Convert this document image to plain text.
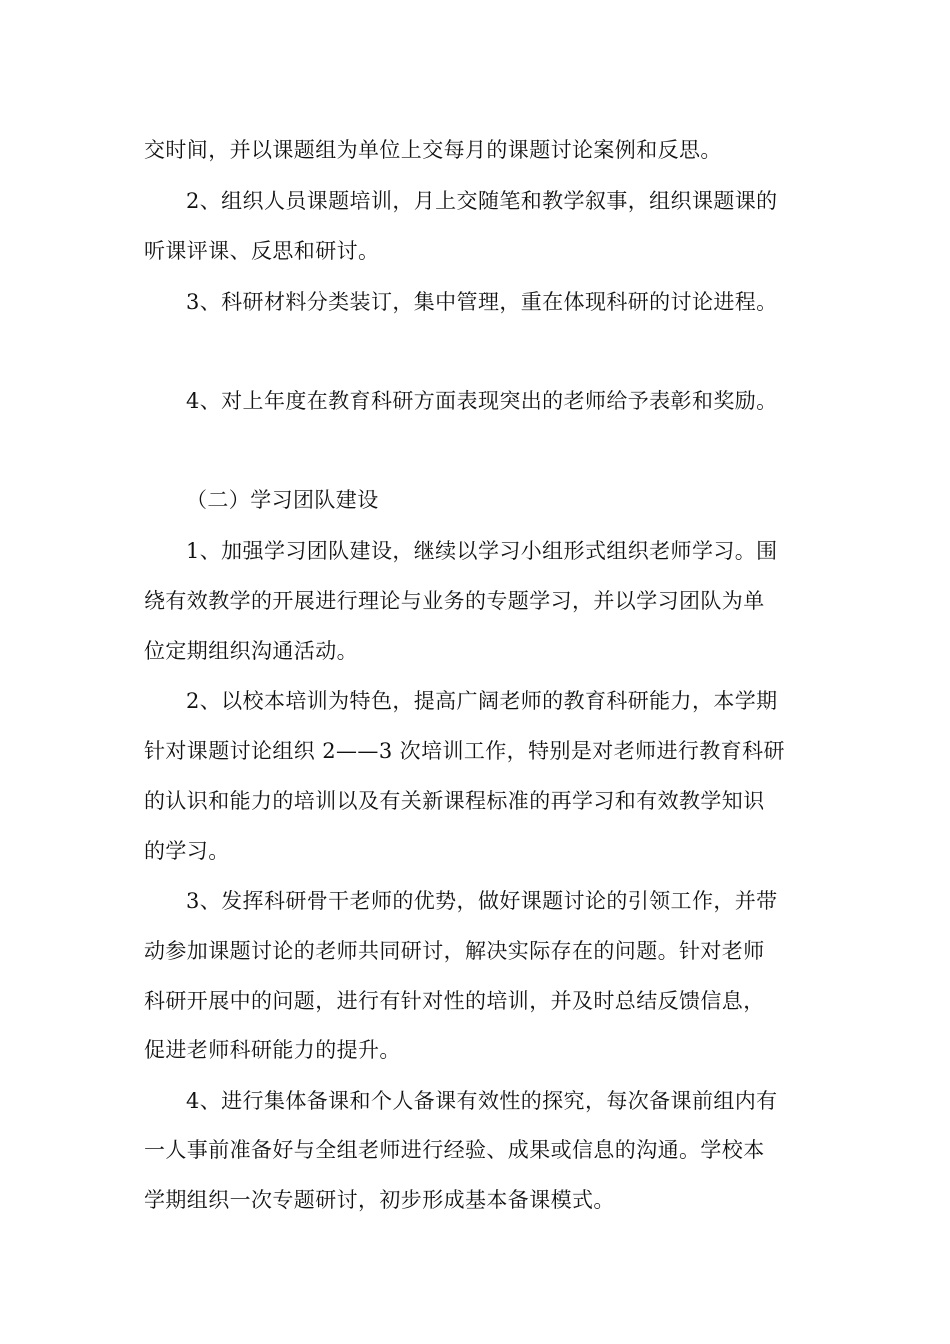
交时间，并以课题组为单位上交每月的课题讨论案例和反思。
2、组织人员课题培训，月上交随笔和教学叙事，组织课题课的
听课评课、反思和研讨。
3、科研材料分类装订，集中管理，重在体现科研的讨论进程。
4、对上年度在教育科研方面表现突出的老师给予表彰和奖励。
（二）学习团队建设
1、加强学习团队建设，继续以学习小组形式组织老师学习。围
绕有效教学的开展进行理论与业务的专题学习，并以学习团队为单
位定期组织沟通活动。
2、以校本培训为特色，提高广阔老师的教育科研能力，本学期
针对课题讨论组织 2——3 次培训工作，特别是对老师进行教育科研
的认识和能力的培训以及有关新课程标准的再学习和有效教学知识
的学习。
3、发挥科研骨干老师的优势，做好课题讨论的引领工作，并带
动参加课题讨论的老师共同研讨，解决实际存在的问题。针对老师
科研开展中的问题，进行有针对性的培训，并及时总结反馈信息，
促进老师科研能力的提升。
4、进行集体备课和个人备课有效性的探究，每次备课前组内有
一人事前准备好与全组老师进行经验、成果或信息的沟通。学校本
学期组织一次专题研讨，初步形成基本备课模式。
